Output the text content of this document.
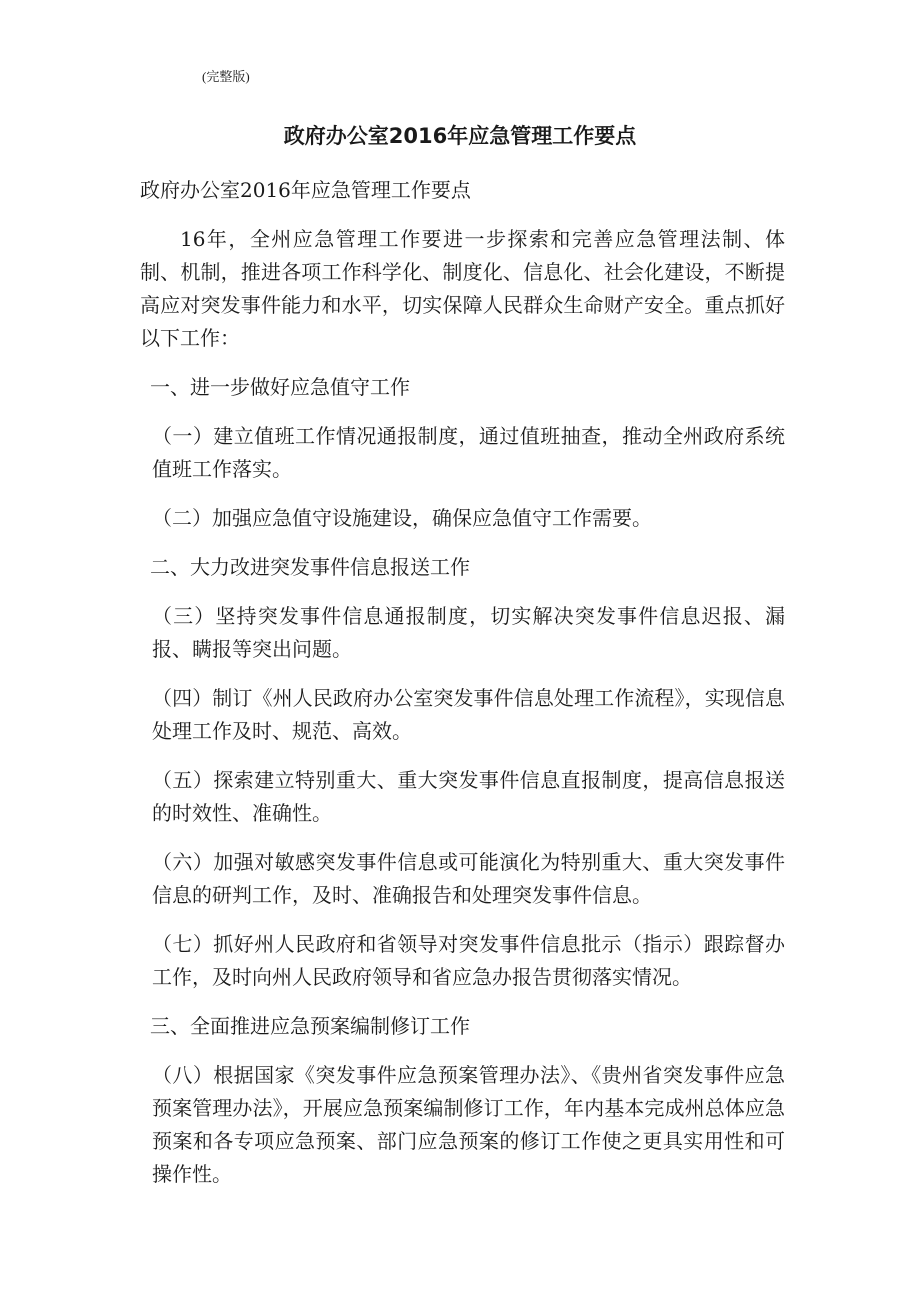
(完整版)
政府办公室2016年应急管理工作要点

政府办公室2016年应急管理工作要点

16年，全州应急管理工作要进一步探索和完善应急管理法制、体制、机制，推进各项工作科学化、制度化、信息化、社会化建设，不断提高应对突发事件能力和水平，切实保障人民群众生命财产安全。重点抓好以下工作：

一、进一步做好应急值守工作

（一）建立值班工作情况通报制度，通过值班抽查，推动全州政府系统值班工作落实。

（二）加强应急值守设施建设，确保应急值守工作需要。

二、大力改进突发事件信息报送工作

（三）坚持突发事件信息通报制度，切实解决突发事件信息迟报、漏报、瞒报等突出问题。

（四）制订《州人民政府办公室突发事件信息处理工作流程》，实现信息处理工作及时、规范、高效。

（五）探索建立特别重大、重大突发事件信息直报制度，提高信息报送的时效性、准确性。

（六）加强对敏感突发事件信息或可能演化为特别重大、重大突发事件信息的研判工作，及时、准确报告和处理突发事件信息。

（七）抓好州人民政府和省领导对突发事件信息批示（指示）跟踪督办工作，及时向州人民政府领导和省应急办报告贯彻落实情况。

三、全面推进应急预案编制修订工作

（八）根据国家《突发事件应急预案管理办法》、《贵州省突发事件应急预案管理办法》，开展应急预案编制修订工作，年内基本完成州总体应急预案和各专项应急预案、部门应急预案的修订工作使之更具实用性和可操作性。
